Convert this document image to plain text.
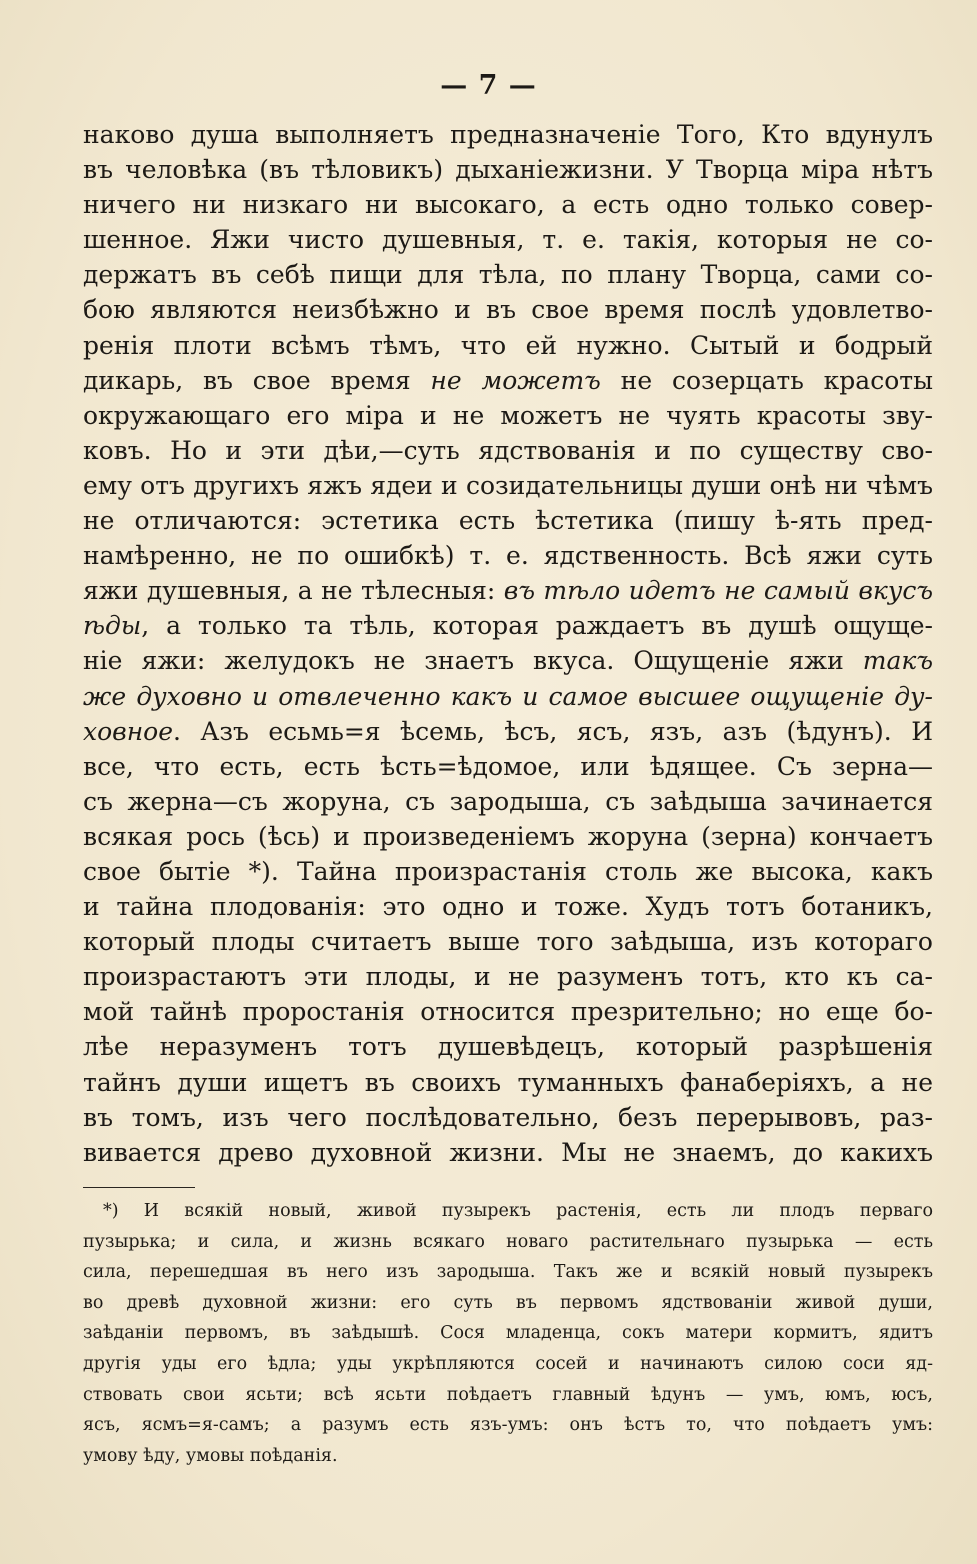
— 7 —
наково душа выполняетъ предназначеніе Того, Кто вдунулъ
въ человѣка (въ тѣловикъ) дыханіежизни. У Творца міра нѣтъ
ничего ни низкаго ни высокаго, а есть одно только совер-
шенное. Яжи чисто душевныя, т. е. такія, которыя не со-
держатъ въ себѣ пищи для тѣла, по плану Творца, сами со-
бою являются неизбѣжно и въ свое время послѣ удовлетво-
ренія плоти всѣмъ тѣмъ, что ей нужно. Сытый и бодрый
дикарь, въ свое время не можетъ не созерцать красоты
окружающаго его міра и не можетъ не чуять красоты зву-
ковъ. Но и эти дѣи,—суть ядствованія и по существу сво-
ему отъ другихъ яжъ ядеи и созидательницы души онѣ ни чѣмъ
не отличаются: эстетика есть ѣстетика (пишу ѣ-ять пред-
намѣренно, не по ошибкѣ) т. е. ядственность. Всѣ яжи суть
яжи душевныя, а не тѣлесныя: въ тѣло идетъ не самый вкусъ
ѣды, а только та тѣль, которая раждаетъ въ душѣ ощуще-
ніе яжи: желудокъ не знаетъ вкуса. Ощущеніе яжи такъ
же духовно и отвлеченно какъ и самое высшее ощущеніе ду-
ховное. Азъ есьмь=я ѣсемь, ѣсъ, ясъ, язъ, азъ (ѣдунъ). И
все, что есть, есть ѣсть=ѣдомое, или ѣдящее. Съ зерна—
съ жерна—съ жоруна, съ зародыша, съ заѣдыша зачинается
всякая рось (ѣсь) и произведеніемъ жоруна (зерна) кончаетъ
свое бытіе *). Тайна произрастанія столь же высока, какъ
и тайна плодованія: это одно и тоже. Худъ тотъ ботаникъ,
который плоды считаетъ выше того заѣдыша, изъ котораго
произрастаютъ эти плоды, и не разуменъ тотъ, кто къ са-
мой тайнѣ проростанія относится презрительно; но еще бо-
лѣе неразуменъ тотъ душевѣдецъ, который разрѣшенія
тайнъ души ищетъ въ своихъ туманныхъ фанаберіяхъ, а не
въ томъ, изъ чего послѣдовательно, безъ перерывовъ, раз-
вивается древо духовной жизни. Мы не знаемъ, до какихъ
*) И всякій новый, живой пузырекъ растенія, есть ли плодъ перваго
пузырька; и сила, и жизнь всякаго новаго растительнаго пузырька — есть
сила, перешедшая въ него изъ зародыша. Такъ же и всякій новый пузырекъ
во древѣ духовной жизни: его суть въ первомъ ядствованіи живой души,
заѣданіи первомъ, въ заѣдышѣ. Сося младенца, сокъ матери кормитъ, ядитъ
другія уды его ѣдла; уды укрѣпляются сосей и начинаютъ силою соси яд-
ствовать свои ясьти; всѣ ясьти поѣдаетъ главный ѣдунъ — умъ, юмъ, юсъ,
ясъ, ясмъ=я-самъ; а разумъ есть язъ-умъ: онъ ѣстъ то, что поѣдаетъ умъ:
умову ѣду, умовы поѣданія.
